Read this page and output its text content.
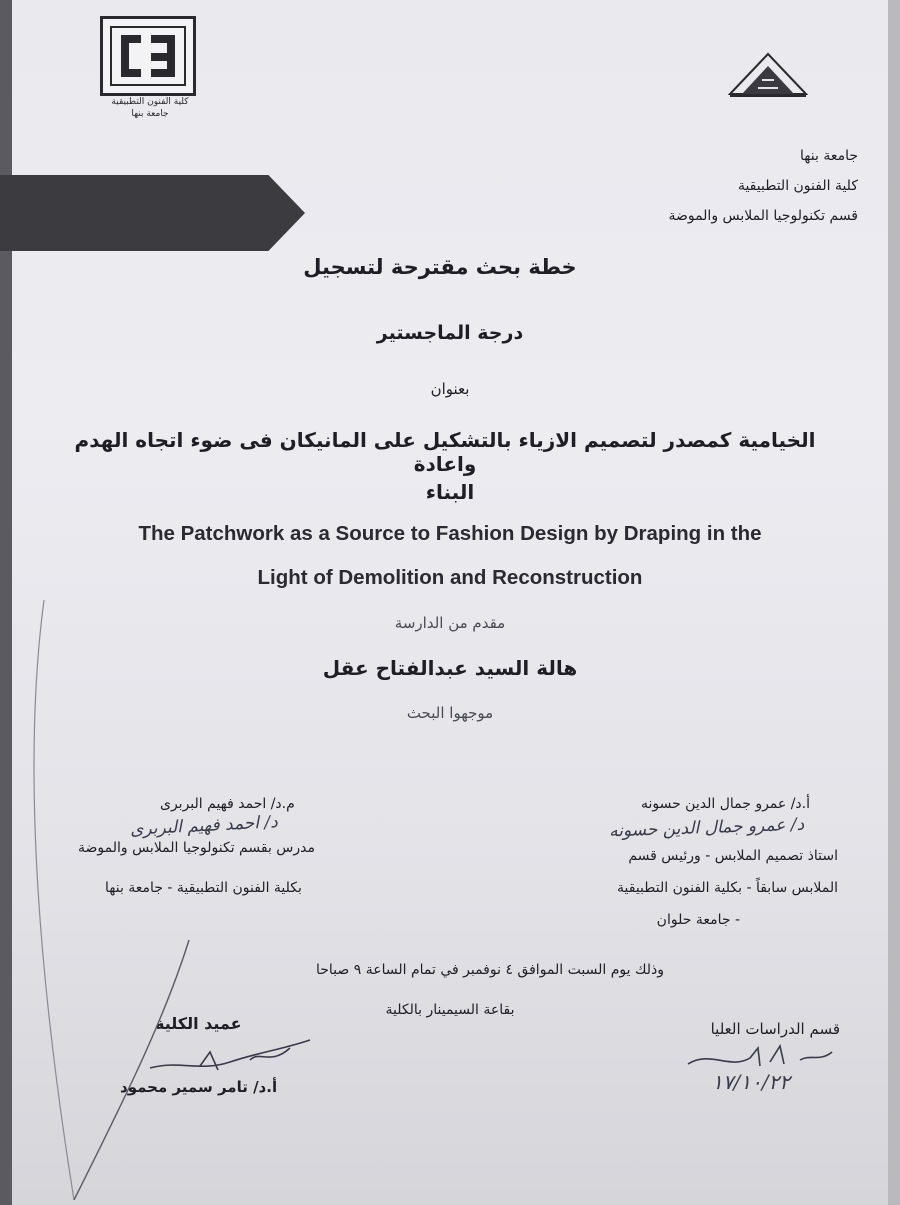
كلية الفنون التطبيقية
جامعة بنها
جامعة بنها
كلية الفنون التطبيقية
قسم تكنولوجيا الملابس والموضة
خطة بحث مقترحة لتسجيل
درجة الماجستير
بعنوان
الخيامية كمصدر لتصميم الازياء بالتشكيل على المانيكان فى ضوء اتجاه الهدم واعادة
البناء
The Patchwork as a Source to Fashion Design by Draping in the
Light of Demolition and Reconstruction
مقدم من الدارسة
هالة السيد عبدالفتاح عقل
موجهوا البحث
أ.د/ عمرو جمال الدين حسونه
د/ عمرو جمال الدين حسونه
استاذ تصميم الملابس - ورئيس قسم
الملابس سابقاً - بكلية الفنون التطبيقية
- جامعة حلوان
م.د/ احمد فهيم البربرى
د/ احمد فهيم البربرى
مدرس بقسم تكنولوجيا الملابس والموضة
بكلية الفنون التطبيقية - جامعة بنها
وذلك يوم السبت الموافق ٤ نوفمبر في تمام الساعة ٩ صباحا
بقاعة السيمينار بالكلية
عميد الكلية
أ.د/ تامر سمير محمود
قسم الدراسات العليا
١٧/١٠/٢٢
